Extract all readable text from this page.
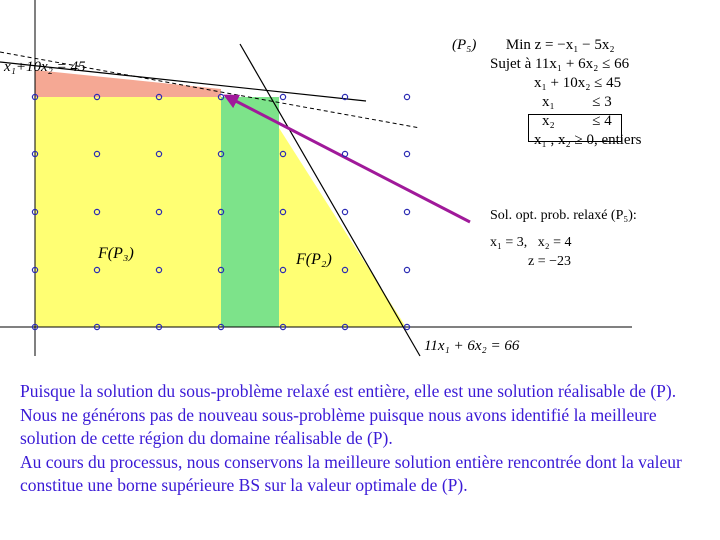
F(P₃)	F(P₂)
x₁+10x₂ = 45
11x₁ + 6x₂ = 66
(P₅) Min z = −x₁ − 5x₂
Sujet à 11x₁ + 6x₂ ≤ 66
x₁ + 10x₂ ≤ 45
x₁          ≤ 3
x₂          ≤ 4
x₁ , x₂ ≥ 0, entiers
Sol. opt. prob. relaxé (P₅):
x₁ = 3,   x₂ = 4
z = −23

Puisque la solution du sous-problème relaxé est entière, elle est une solution réalisable de (P).

Nous ne générons pas de nouveau sous-problème puisque nous avons identifié la meilleure solution de cette région du domaine réalisable de (P).

Au cours du processus, nous conservons la meilleure solution entière rencontrée dont la valeur constitue une borne supérieure BS sur la valeur optimale de (P).
